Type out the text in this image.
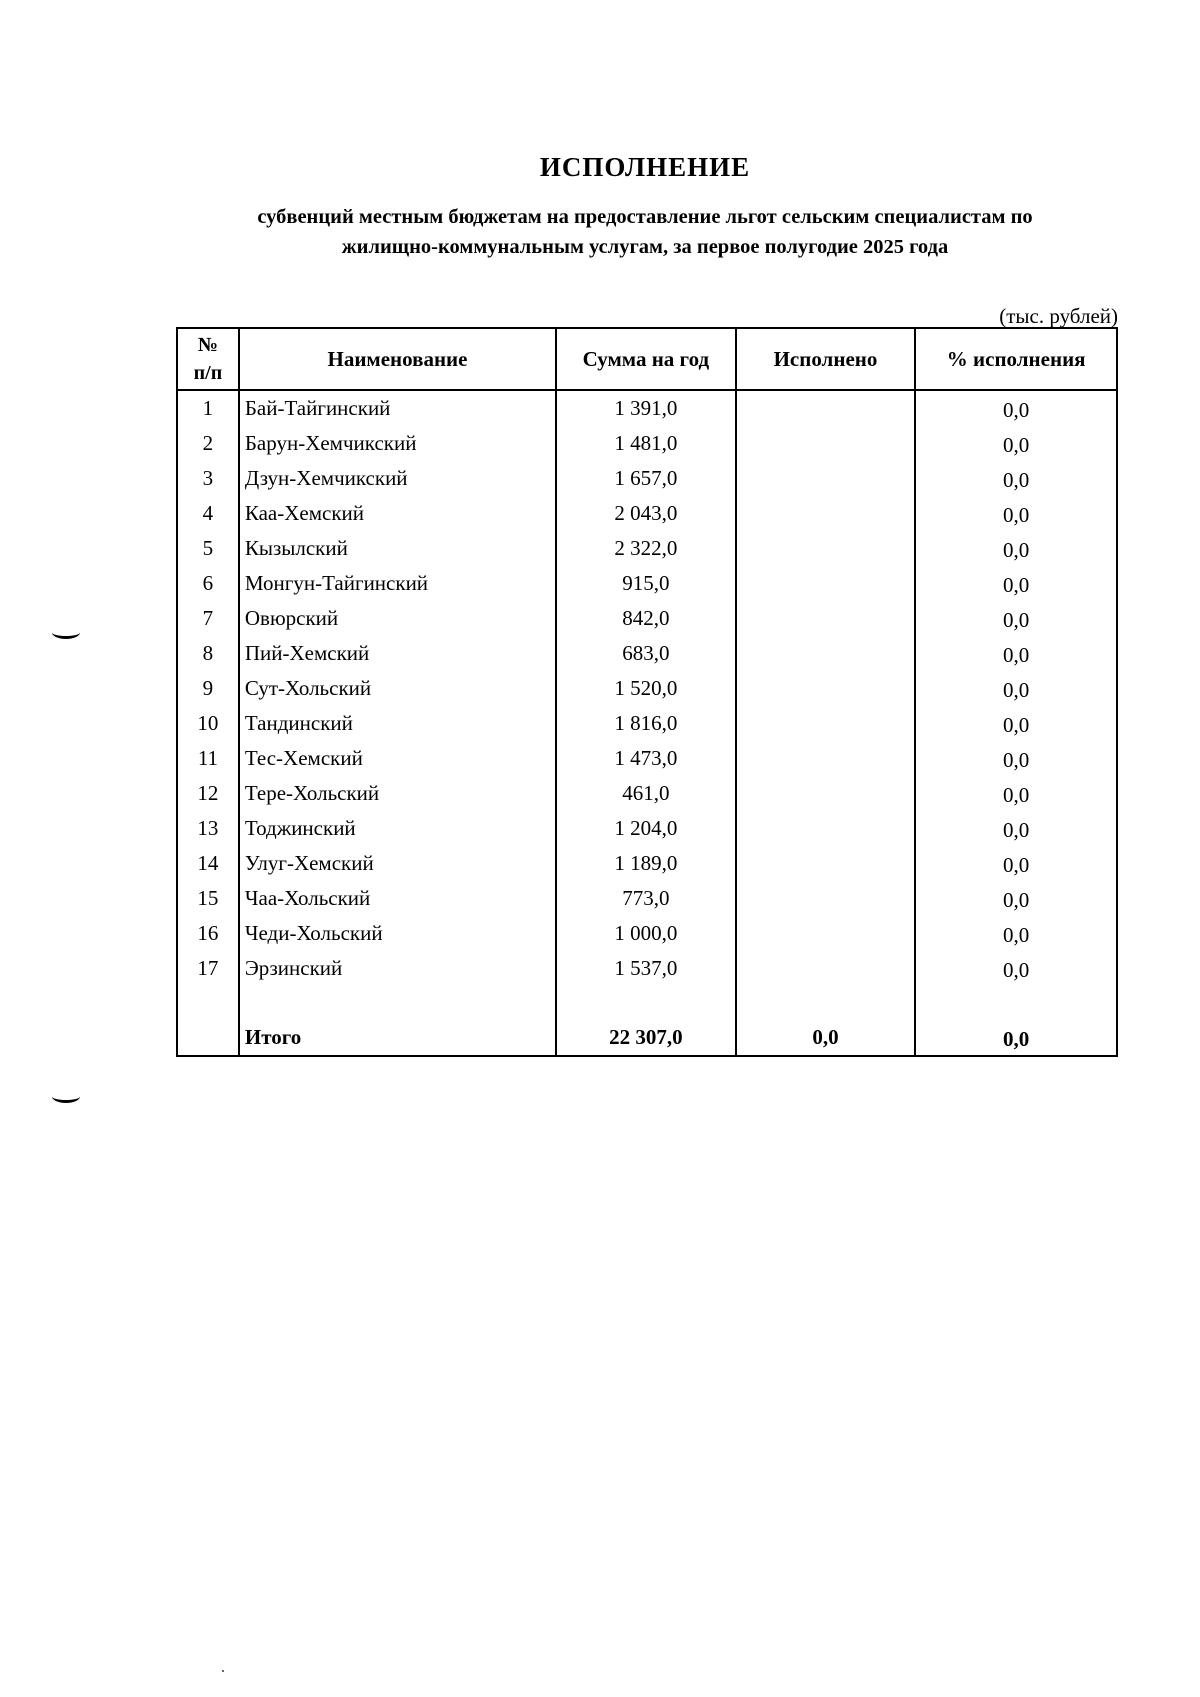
ИСПОЛНЕНИЕ
субвенций местным бюджетам на предоставление льгот сельским специалистам по
жилищно-коммунальным услугам, за первое полугодие 2025 года
(тыс. рублей)
№
п/п	Наименование	Сумма на год	Исполнено	% исполнения
1	Бай-Тайгинский	1 391,0		0,0
2	Барун-Хемчикский	1 481,0		0,0
3	Дзун-Хемчикский	1 657,0		0,0
4	Каа-Хемский	2 043,0		0,0
5	Кызылский	2 322,0		0,0
6	Монгун-Тайгинский	915,0		0,0
7	Овюрский	842,0		0,0
8	Пий-Хемский	683,0		0,0
9	Сут-Хольский	1 520,0		0,0
10	Тандинский	1 816,0		0,0
11	Тес-Хемский	1 473,0		0,0
12	Тере-Хольский	461,0		0,0
13	Тоджинский	1 204,0		0,0
14	Улуг-Хемский	1 189,0		0,0
15	Чаа-Хольский	773,0		0,0
16	Чеди-Хольский	1 000,0		0,0
17	Эрзинский	1 537,0		0,0

	Итого	22 307,0	0,0	0,0
